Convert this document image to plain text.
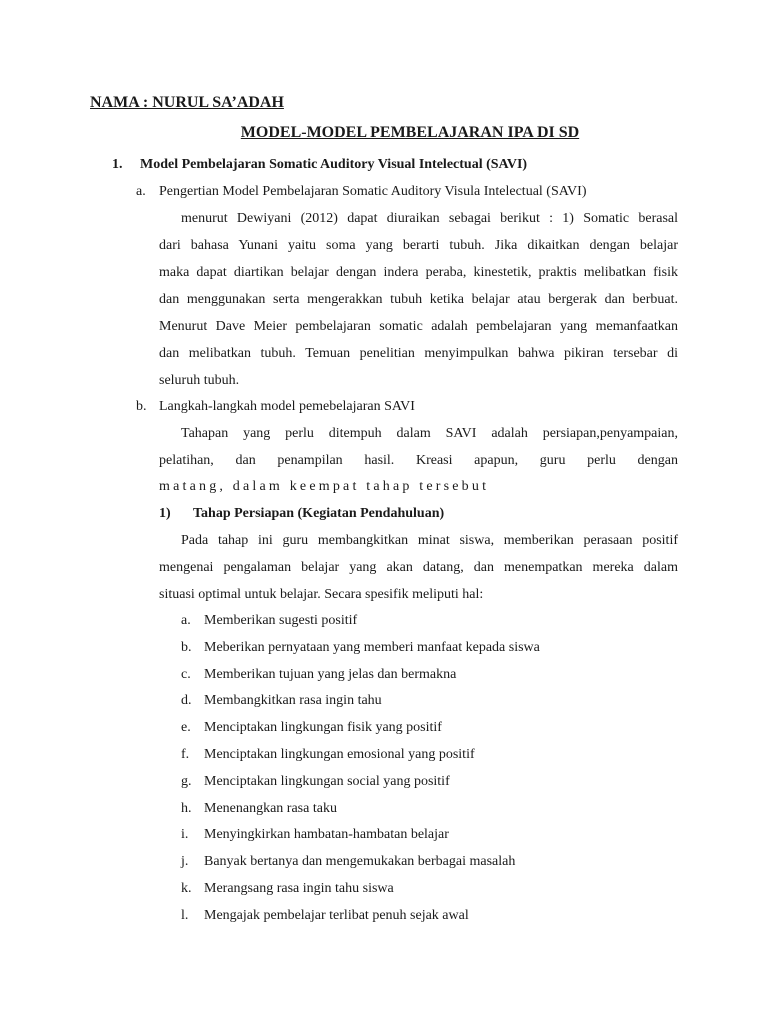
NAMA : NURUL SA’ADAH
MODEL-MODEL PEMBELAJARAN IPA DI SD
1. Model Pembelajaran Somatic Auditory Visual Intelectual (SAVI)
a. Pengertian Model Pembelajaran Somatic Auditory Visula Intelectual (SAVI)
menurut Dewiyani (2012) dapat diuraikan sebagai berikut : 1) Somatic berasal
dari bahasa Yunani yaitu soma yang berarti tubuh. Jika dikaitkan dengan belajar
maka dapat diartikan belajar dengan indera peraba, kinestetik, praktis melibatkan fisik
dan menggunakan serta mengerakkan tubuh ketika belajar atau bergerak dan berbuat.
Menurut Dave Meier pembelajaran somatic adalah pembelajaran yang memanfaatkan
dan melibatkan tubuh. Temuan penelitian menyimpulkan bahwa pikiran tersebar di
seluruh tubuh.
b. Langkah-langkah model pemebelajaran SAVI
Tahapan yang perlu ditempuh dalam SAVI adalah persiapan,penyampaian,
pelatihan, dan penampilan hasil. Kreasi apapun, guru perlu dengan
matang, dalam keempat tahap tersebut
1) Tahap Persiapan (Kegiatan Pendahuluan)
Pada tahap ini guru membangkitkan minat siswa, memberikan perasaan positif
mengenai pengalaman belajar yang akan datang, dan menempatkan mereka dalam
situasi optimal untuk belajar. Secara spesifik meliputi hal:
a. Memberikan sugesti positif
b. Meberikan pernyataan yang memberi manfaat kepada siswa
c. Memberikan tujuan yang jelas dan bermakna
d. Membangkitkan rasa ingin tahu
e. Menciptakan lingkungan fisik yang positif
f. Menciptakan lingkungan emosional yang positif
g. Menciptakan lingkungan social yang positif
h. Menenangkan rasa taku
i. Menyingkirkan hambatan-hambatan belajar
j. Banyak bertanya dan mengemukakan berbagai masalah
k. Merangsang rasa ingin tahu siswa
l. Mengajak pembelajar terlibat penuh sejak awal
